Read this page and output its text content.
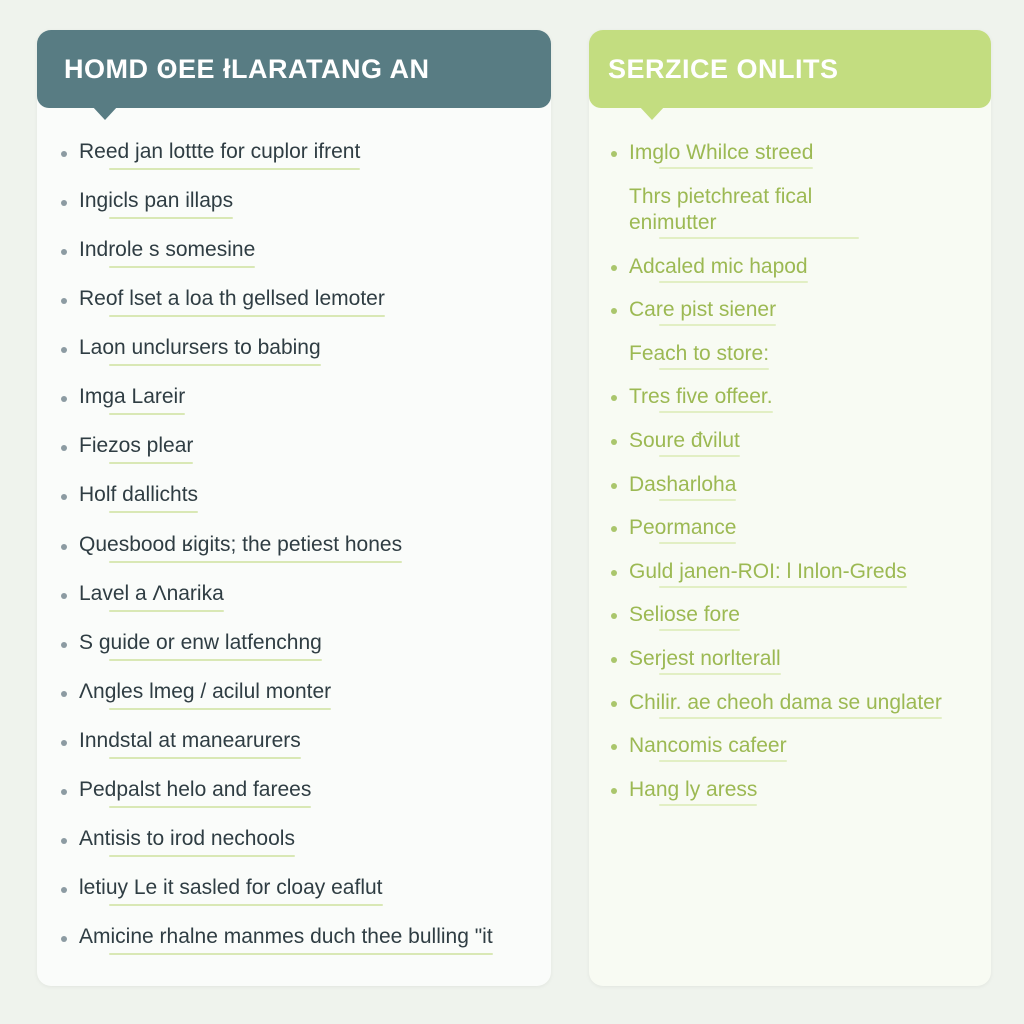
HOMD ʘEE łLARATANG AN
Reed jan lottte for cuplor ifrent
Ingicls pan illaps
Indrole s somesine
Reof lset a loa th gellsed lemoter
Laon unclursers to babing
Imga Lareir
Fiezos plear
Holf dallichts
Quesbood ʁigits; the petiest hones
Lavel a Λnarika
S guide or enw latfenchng
Λngles lmeg / acilul monter
Inndstal at manearurers
Pedpalst helo and farees
Antisis to irod nechools
letiuy Le it sasled for cloay eaflut
Amicine rhalne manmes duch thee bulling "it
SERZICE ONLITS
Imglo Whilce streed
Thrs pietchreat fical enimutter
Adcaled mic hapod
Care pist siener
Feach to store:
Tres five offeer.
Soure đvilut
Dasharloha
Peormance
Guld janen-ROI: l Inlon-Greds
Seliose fore
Serjest norlterall
Chilir. ae cheoh dama se unglater
Nancomis cafeer
Hang ly aress
